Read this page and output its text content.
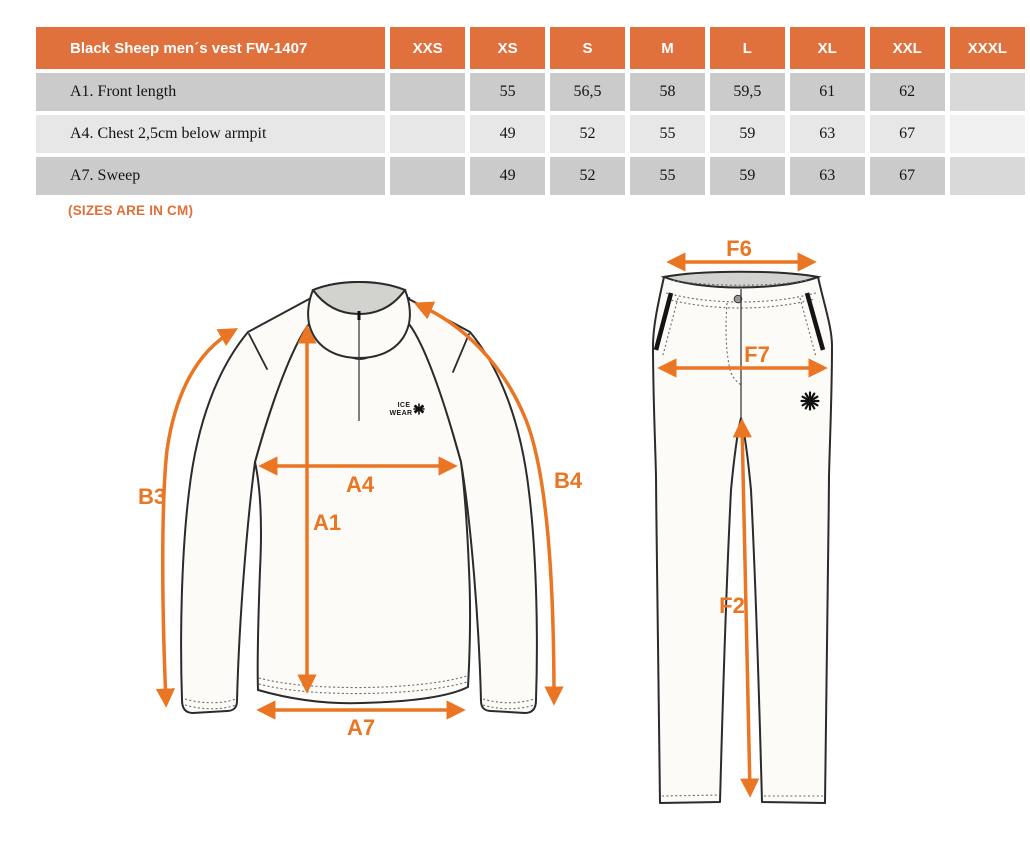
Black Sheep men´s vest FW-1407	XXS	XS	S	M	L	XL	XXL	XXXL
A1. Front length		55	56,5	58	59,5	61	62	
A4. Chest 2,5cm below armpit		49	52	55	59	63	67	
A7. Sweep		49	52	55	59	63	67	
(SIZES ARE IN CM)
ICE
WEAR
B3	A4
A1
B4
A7
F6
F7
F2
